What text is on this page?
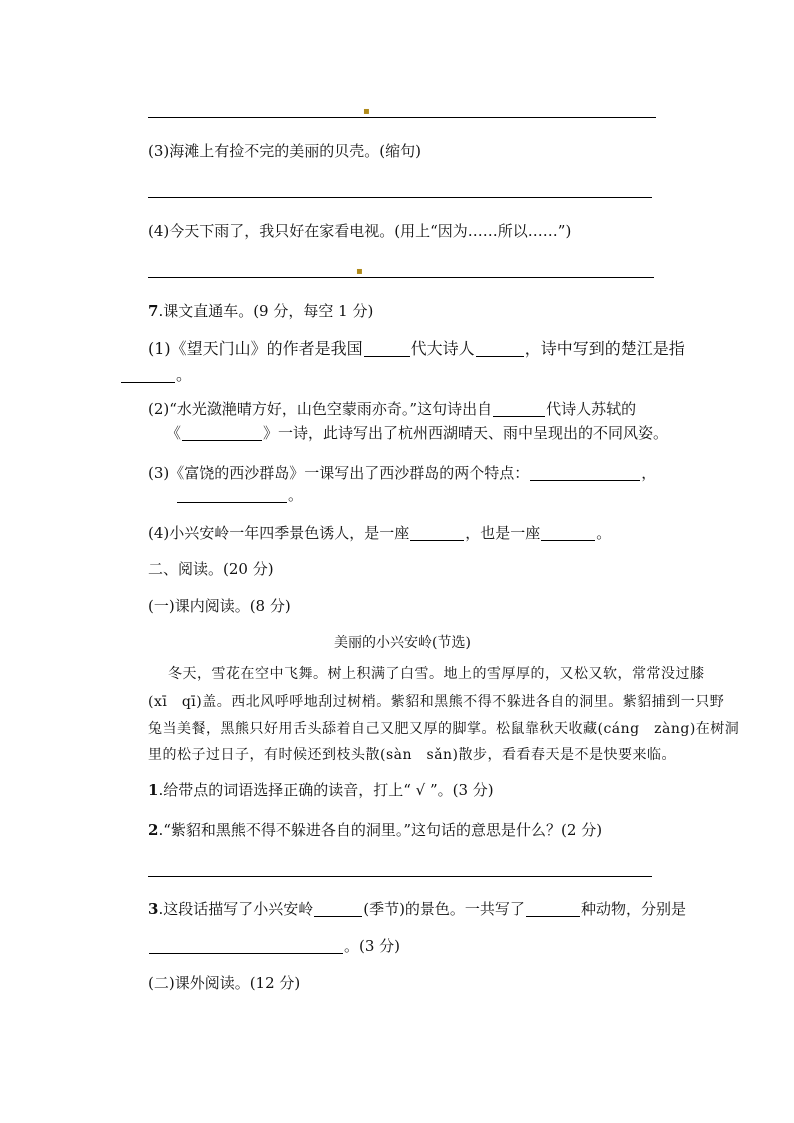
▪
(3)海滩上有捡不完的美丽的贝壳。(缩句)
(4)今天下雨了，我只好在家看电视。(用上“因为……所以……”)
▪
7.课文直通车。(9 分，每空 1 分)
(1)《望天门山》的作者是我国	代大诗人	，诗中写到的楚江是指
。
(2)“水光潋滟晴方好，山色空蒙雨亦奇。”这句诗出自	代诗人苏轼的
《	》一诗，此诗写出了杭州西湖晴天、雨中呈现出的不同风姿。
(3)《富饶的西沙群岛》一课写出了西沙群岛的两个特点：	，
。
(4)小兴安岭一年四季景色诱人，是一座	，也是一座	。
二、阅读。(20 分)
(一)课内阅读。(8 分)
美丽的小兴安岭(节选)
冬天，雪花在空中飞舞。树上积满了白雪。地上的雪厚厚的，又松又软，常常没过膝
(xī　qī)盖。西北风呼呼地刮过树梢。紫貂和黑熊不得不躲进各自的洞里。紫貂捕到一只野
兔当美餐，黑熊只好用舌头舔着自己又肥又厚的脚掌。松鼠靠秋天收藏(cáng　zàng)在树洞
里的松子过日子，有时候还到枝头散(sàn　sǎn)散步，看看春天是不是快要来临。
1.给带点的词语选择正确的读音，打上“ √ ”。(3 分)
2.“紫貂和黑熊不得不躲进各自的洞里。”这句话的意思是什么？(2 分)
3.这段话描写了小兴安岭	(季节)的景色。一共写了	种动物，分别是
。(3 分)
(二)课外阅读。(12 分)
